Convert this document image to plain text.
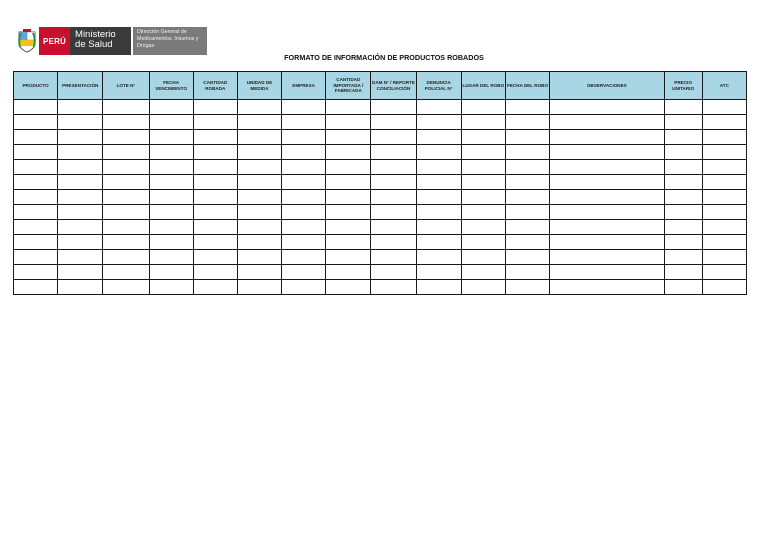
PERÚ
Ministerio de Salud
Dirección General de Medicamentos, Insumos y Drogas
FORMATO DE INFORMACIÓN DE PRODUCTOS ROBADOS
PRODUCTO	PRESENTACIÓN	LOTE N°	FECHA VENCIMIENTO	CANTIDAD ROBADA	UNIDAD DE MEDIDA	EMPRESA	CANTIDAD IMPORTADA / FABRICADA	DAM N° / REPORTE CONCILIACIÓN	DENUNCIA POLICIAL N°	LUGAR DEL ROBO	FECHA DEL ROBO	OBSERVACIONES	PRECIO UNITARIO	ATC
